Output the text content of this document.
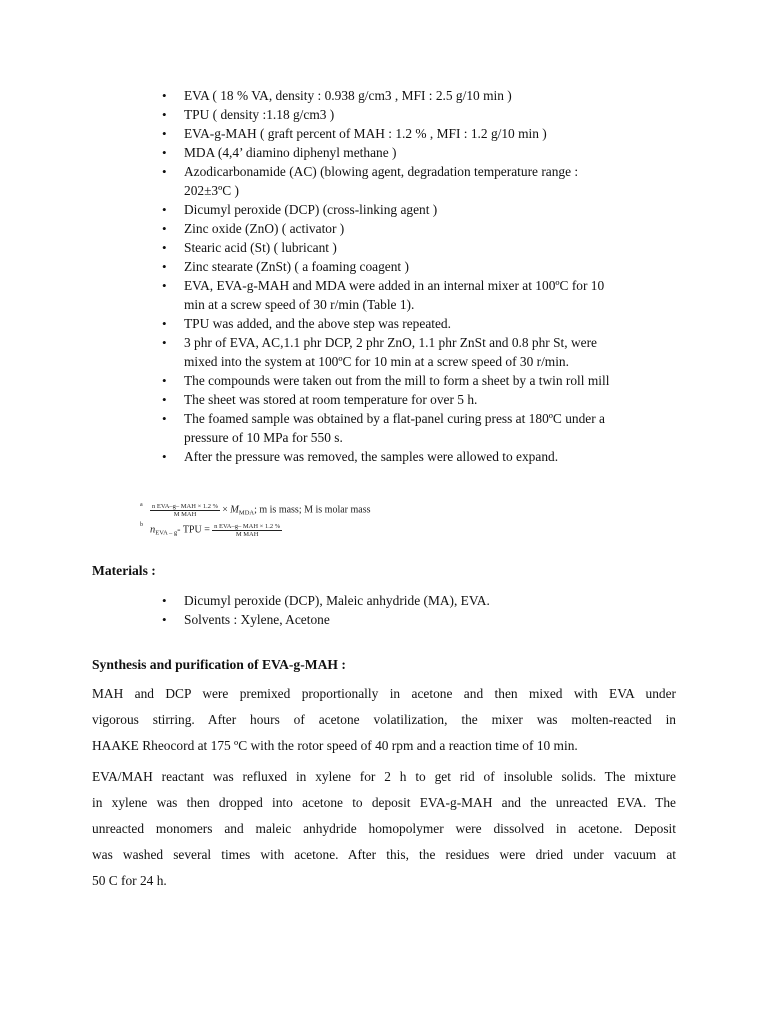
• EVA ( 18 % VA, density : 0.938 g/cm3 , MFI : 2.5 g/10 min )
• TPU ( density :1.18 g/cm3 )
• EVA-g-MAH ( graft percent of MAH : 1.2 % , MFI : 1.2 g/10 min )
• MDA (4,4’ diamino diphenyl methane )
• Azodicarbonamide (AC) (blowing agent, degradation temperature range :
202±3ºC )
• Dicumyl peroxide (DCP) (cross-linking agent )
• Zinc oxide (ZnO) ( activator )
• Stearic acid (St) ( lubricant )
• Zinc stearate (ZnSt) ( a foaming coagent )
• EVA, EVA-g-MAH and MDA were added in an internal mixer at 100ºC for 10
min at a screw speed of 30 r/min (Table 1).
• TPU was added, and the above step was repeated.
• 3 phr of EVA, AC,1.1 phr DCP, 2 phr ZnO, 1.1 phr ZnSt and 0.8 phr St, were
mixed into the system at 100ºC for 10 min at a screw speed of 30 r/min.
• The compounds were taken out from the mill to form a sheet by a twin roll mill
• The sheet was stored at room temperature for over 5 h.
• The foamed sample was obtained by a flat-panel curing press at 180ºC under a
pressure of 10 MPa for 550 s.
• After the pressure was removed, the samples were allowed to expand.
a $\frac{\text{n EVA–g– MAH × 1.2 \%}}{\text{M MAH}} \times M_{MDA}$; m is mass; M is molar mass
b $n_{EVA - g}-$ TPU = $\frac{\text{n EVA–g– MAH × 1.2 \%}}{\text{M MAH}}$
Materials :
• Dicumyl peroxide (DCP), Maleic anhydride (MA), EVA.
• Solvents : Xylene, Acetone
Synthesis and purification of EVA-g-MAH :
MAH and DCP were premixed proportionally in acetone and then mixed with EVA under
vigorous stirring. After hours of acetone volatilization, the mixer was molten-reacted in
HAAKE Rheocord at 175 ºC with the rotor speed of 40 rpm and a reaction time of 10 min.
EVA/MAH reactant was refluxed in xylene for 2 h to get rid of insoluble solids. The mixture
in xylene was then dropped into acetone to deposit EVA-g-MAH and the unreacted EVA. The
unreacted monomers and maleic anhydride homopolymer were dissolved in acetone. Deposit
was washed several times with acetone. After this, the residues were dried under vacuum at
50 C for 24 h.
